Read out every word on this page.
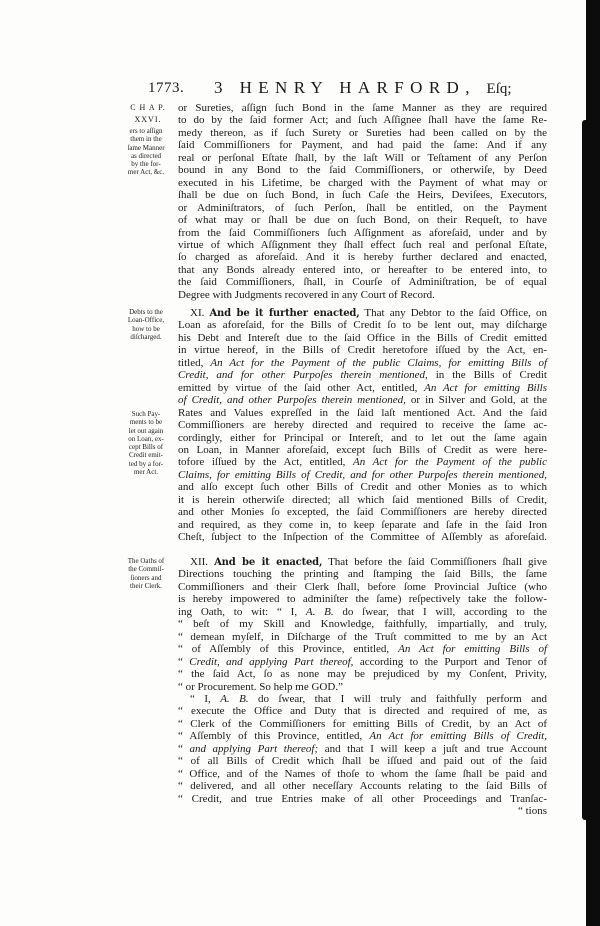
1773. 3 HENRY HARFORD, Eſq;
C H A P.
XXVI.
ers to aſſign
them in the
ſame Manner
as directed
by the for-
mer Act, &c.
Debts to the
Loan-Office,
how to be
diſcharged.
Such Pay-
ments to be
let out again
on Loan, ex-
cept Bills of
Credit emit-
ted by a for-
mer Act.
The Oaths of
the Commiſ-
ſioners and
their Clerk.
or Sureties, aſſign ſuch Bond in the ſame Manner as they are required
to do by the ſaid former Act; and ſuch Aſſignee ſhall have the ſame Re-
medy thereon, as if ſuch Surety or Sureties had been called on by the
ſaid Commiſſioners for Payment, and had paid the ſame: And if any
real or perſonal Eſtate ſhall, by the laſt Will or Teſtament of any Perſon
bound in any Bond to the ſaid Commiſſioners, or otherwiſe, by Deed
executed in his Lifetime, be charged with the Payment of what may or
ſhall be due on ſuch Bond, in ſuch Caſe the Heirs, Deviſees, Executors,
or Adminiſtrators, of ſuch Perſon, ſhall be entitled, on the Payment
of what may or ſhall be due on ſuch Bond, on their Requeſt, to have
from the ſaid Commiſſioners ſuch Aſſignment as aforeſaid, under and by
virtue of which Aſſignment they ſhall effect ſuch real and perſonal Eſtate,
ſo charged as aforeſaid. And it is hereby further declared and enacted,
that any Bonds already entered into, or hereafter to be entered into, to
the ſaid Commiſſioners, ſhall, in Courſe of Adminiſtration, be of equal
Degree with Judgments recovered in any Court of Record.
XI. And be it further enacted, That any Debtor to the ſaid Office, on
Loan as aforeſaid, for the Bills of Credit ſo to be lent out, may diſcharge
his Debt and Intereſt due to the ſaid Office in the Bills of Credit emitted
in virtue hereof, in the Bills of Credit heretofore iſſued by the Act, en-
titled, An Act for the Payment of the public Claims, for emitting Bills of
Credit, and for other Purpoſes therein mentioned, in the Bills of Credit
emitted by virtue of the ſaid other Act, entitled, An Act for emitting Bills
of Credit, and other Purpoſes therein mentioned, or in Silver and Gold, at the
Rates and Values expreſſed in the ſaid laſt mentioned Act. And the ſaid
Commiſſioners are hereby directed and required to receive the ſame ac-
cordingly, either for Principal or Intereſt, and to let out the ſame again
on Loan, in Manner aforeſaid, except ſuch Bills of Credit as were here-
tofore iſſued by the Act, entitled, An Act for the Payment of the public
Claims, for emitting Bills of Credit, and for other Purpoſes therein mentioned,
and alſo except ſuch other Bills of Credit and other Monies as to which
it is herein otherwiſe directed; all which ſaid mentioned Bills of Credit,
and other Monies ſo excepted, the ſaid Commiſſioners are hereby directed
and required, as they come in, to keep ſeparate and ſafe in the ſaid Iron
Cheſt, ſubject to the Inſpection of the Committee of Aſſembly as aforeſaid.
XII. And be it enacted, That before the ſaid Commiſſioners ſhall give
Directions touching the printing and ſtamping the ſaid Bills, the ſame
Commiſſioners and their Clerk ſhall, before ſome Provincial Juſtice (who
is hereby impowered to adminiſter the ſame) reſpectively take the follow-
ing Oath, to wit: “ I, A. B. do ſwear, that I will, according to the
“ beſt of my Skill and Knowledge, faithfully, impartially, and truly,
“ demean myſelf, in Diſcharge of the Truſt committed to me by an Act
“ of Aſſembly of this Province, entitled, An Act for emitting Bills of
“ Credit, and applying Part thereof, according to the Purport and Tenor of
“ the ſaid Act, ſo as none may be prejudiced by my Conſent, Privity,
“ or Procurement. So help me GOD.”
“ I, A. B. do ſwear, that I will truly and faithfully perform and
“ execute the Office and Duty that is directed and required of me, as
“ Clerk of the Commiſſioners for emitting Bills of Credit, by an Act of
“ Aſſembly of this Province, entitled, An Act for emitting Bills of Credit,
“ and applying Part thereof; and that I will keep a juſt and true Account
“ of all Bills of Credit which ſhall be iſſued and paid out of the ſaid
“ Office, and of the Names of thoſe to whom the ſame ſhall be paid and
“ delivered, and all other neceſſary Accounts relating to the ſaid Bills of
“ Credit, and true Entries make of all other Proceedings and Tranſac-
“ tions
